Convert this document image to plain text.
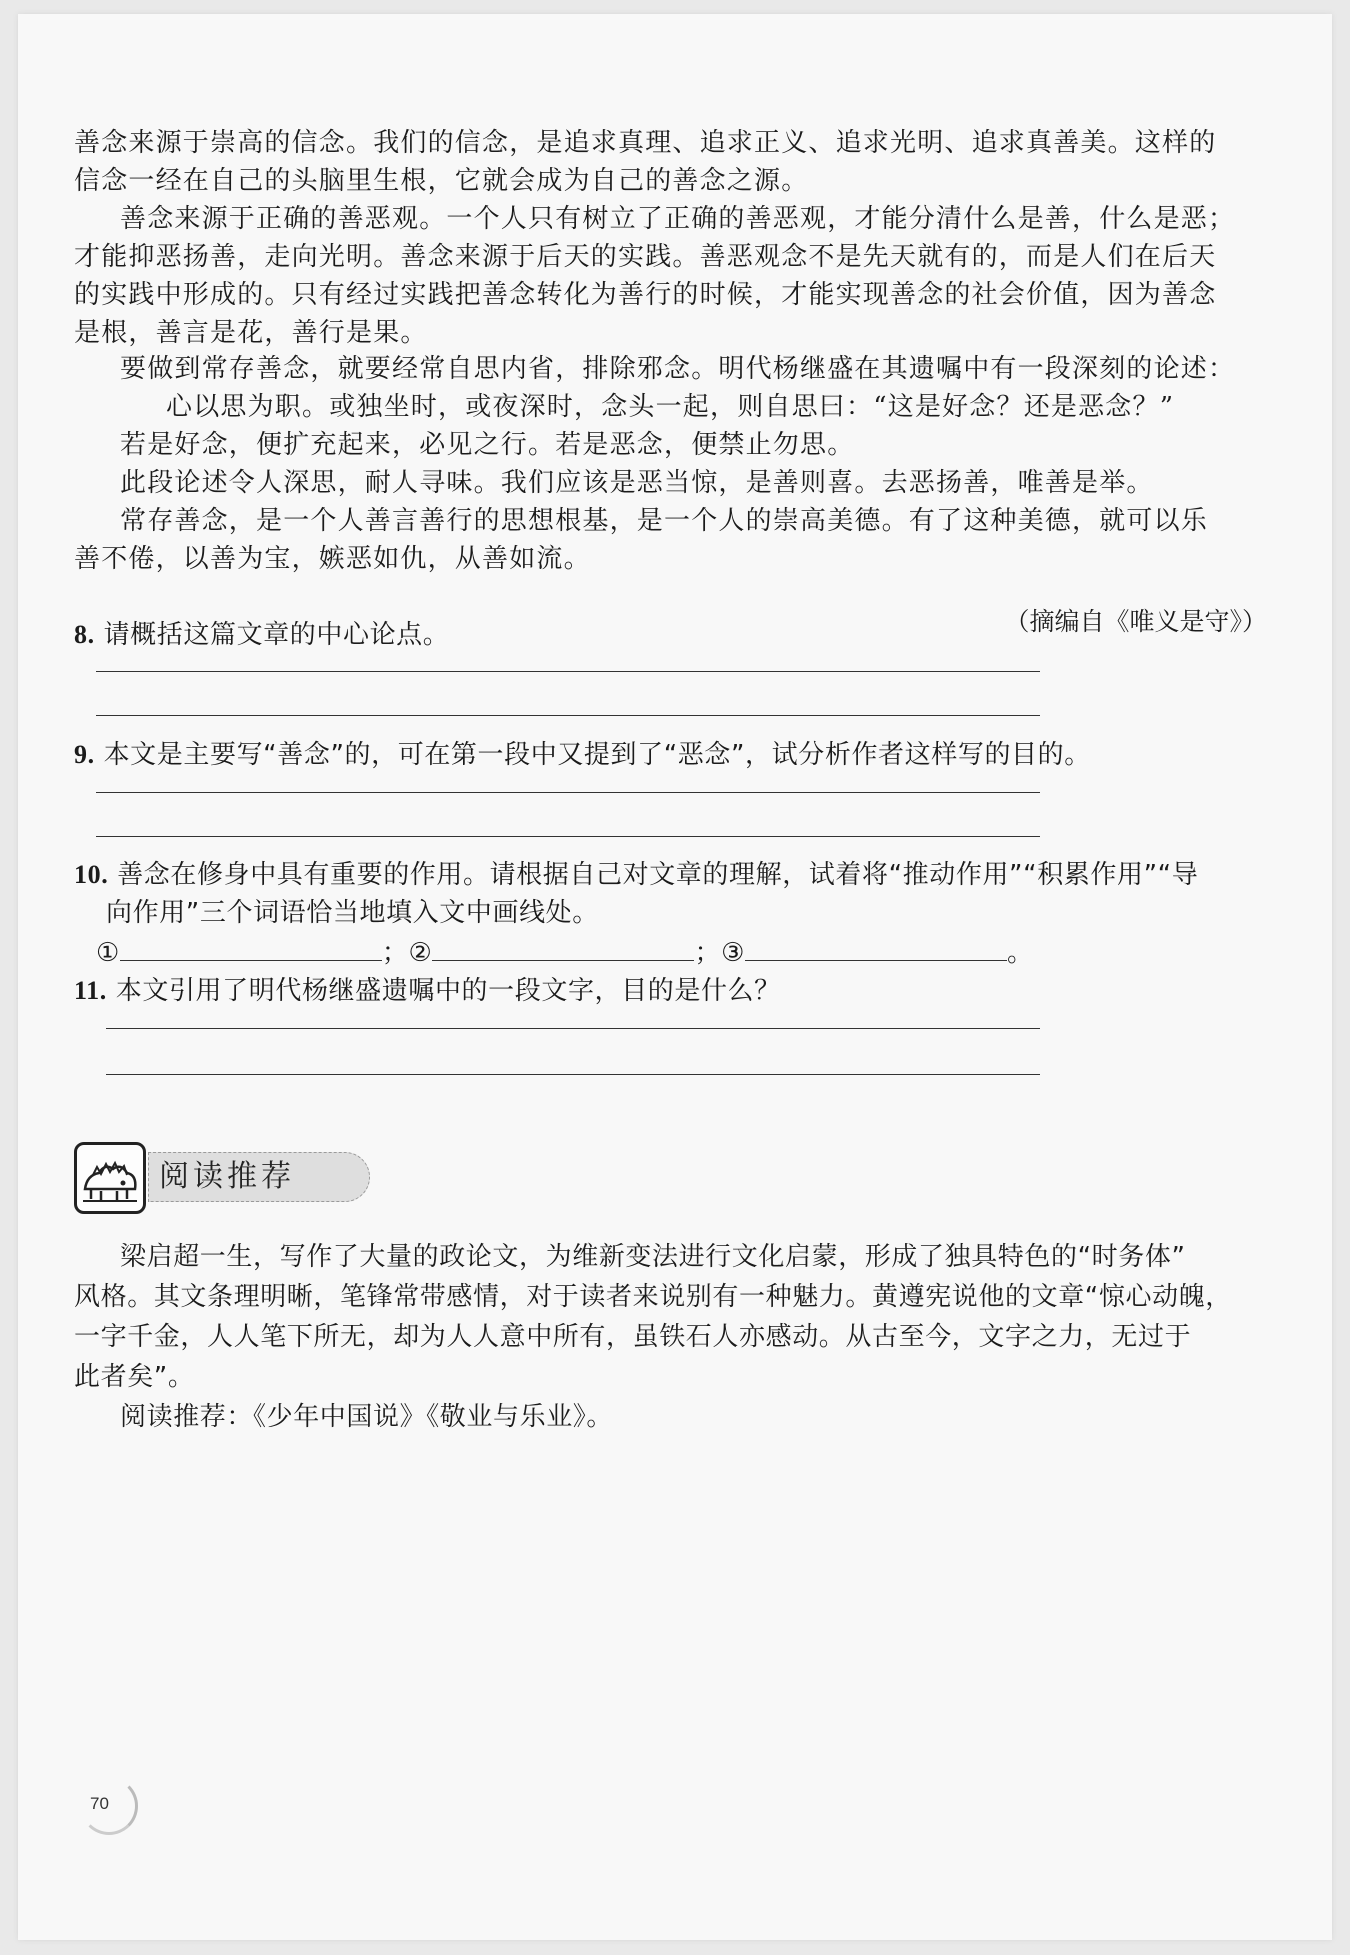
善念来源于崇高的信念。我们的信念，是追求真理、追求正义、追求光明、追求真善美。这样的

信念一经在自己的头脑里生根，它就会成为自己的善念之源。

善念来源于正确的善恶观。一个人只有树立了正确的善恶观，才能分清什么是善，什么是恶；

才能抑恶扬善，走向光明。善念来源于后天的实践。善恶观念不是先天就有的，而是人们在后天

的实践中形成的。只有经过实践把善念转化为善行的时候，才能实现善念的社会价值，因为善念

是根，善言是花，善行是果。

要做到常存善念，就要经常自思内省，排除邪念。明代杨继盛在其遗嘱中有一段深刻的论述：

心以思为职。或独坐时，或夜深时，念头一起，则自思曰：“这是好念？还是恶念？”

若是好念，便扩充起来，必见之行。若是恶念，便禁止勿思。

此段论述令人深思，耐人寻味。我们应该是恶当惊，是善则喜。去恶扬善，唯善是举。

常存善念，是一个人善言善行的思想根基，是一个人的崇高美德。有了这种美德，就可以乐

善不倦，以善为宝，嫉恶如仇，从善如流。

（摘编自《唯义是守》）

8. 请概括这篇文章的中心论点。

9. 本文是主要写“善念”的，可在第一段中又提到了“恶念”，试分析作者这样写的目的。

10. 善念在修身中具有重要的作用。请根据自己对文章的理解，试着将“推动作用”“积累作用”“导

向作用”三个词语恰当地填入文中画线处。

①	；②	；③	。

11. 本文引用了明代杨继盛遗嘱中的一段文字，目的是什么？

阅读推荐

梁启超一生，写作了大量的政论文，为维新变法进行文化启蒙，形成了独具特色的“时务体”

风格。其文条理明晰，笔锋常带感情，对于读者来说别有一种魅力。黄遵宪说他的文章“惊心动魄，

一字千金，人人笔下所无，却为人人意中所有，虽铁石人亦感动。从古至今，文字之力，无过于

此者矣”。

阅读推荐：《少年中国说》《敬业与乐业》。

70
